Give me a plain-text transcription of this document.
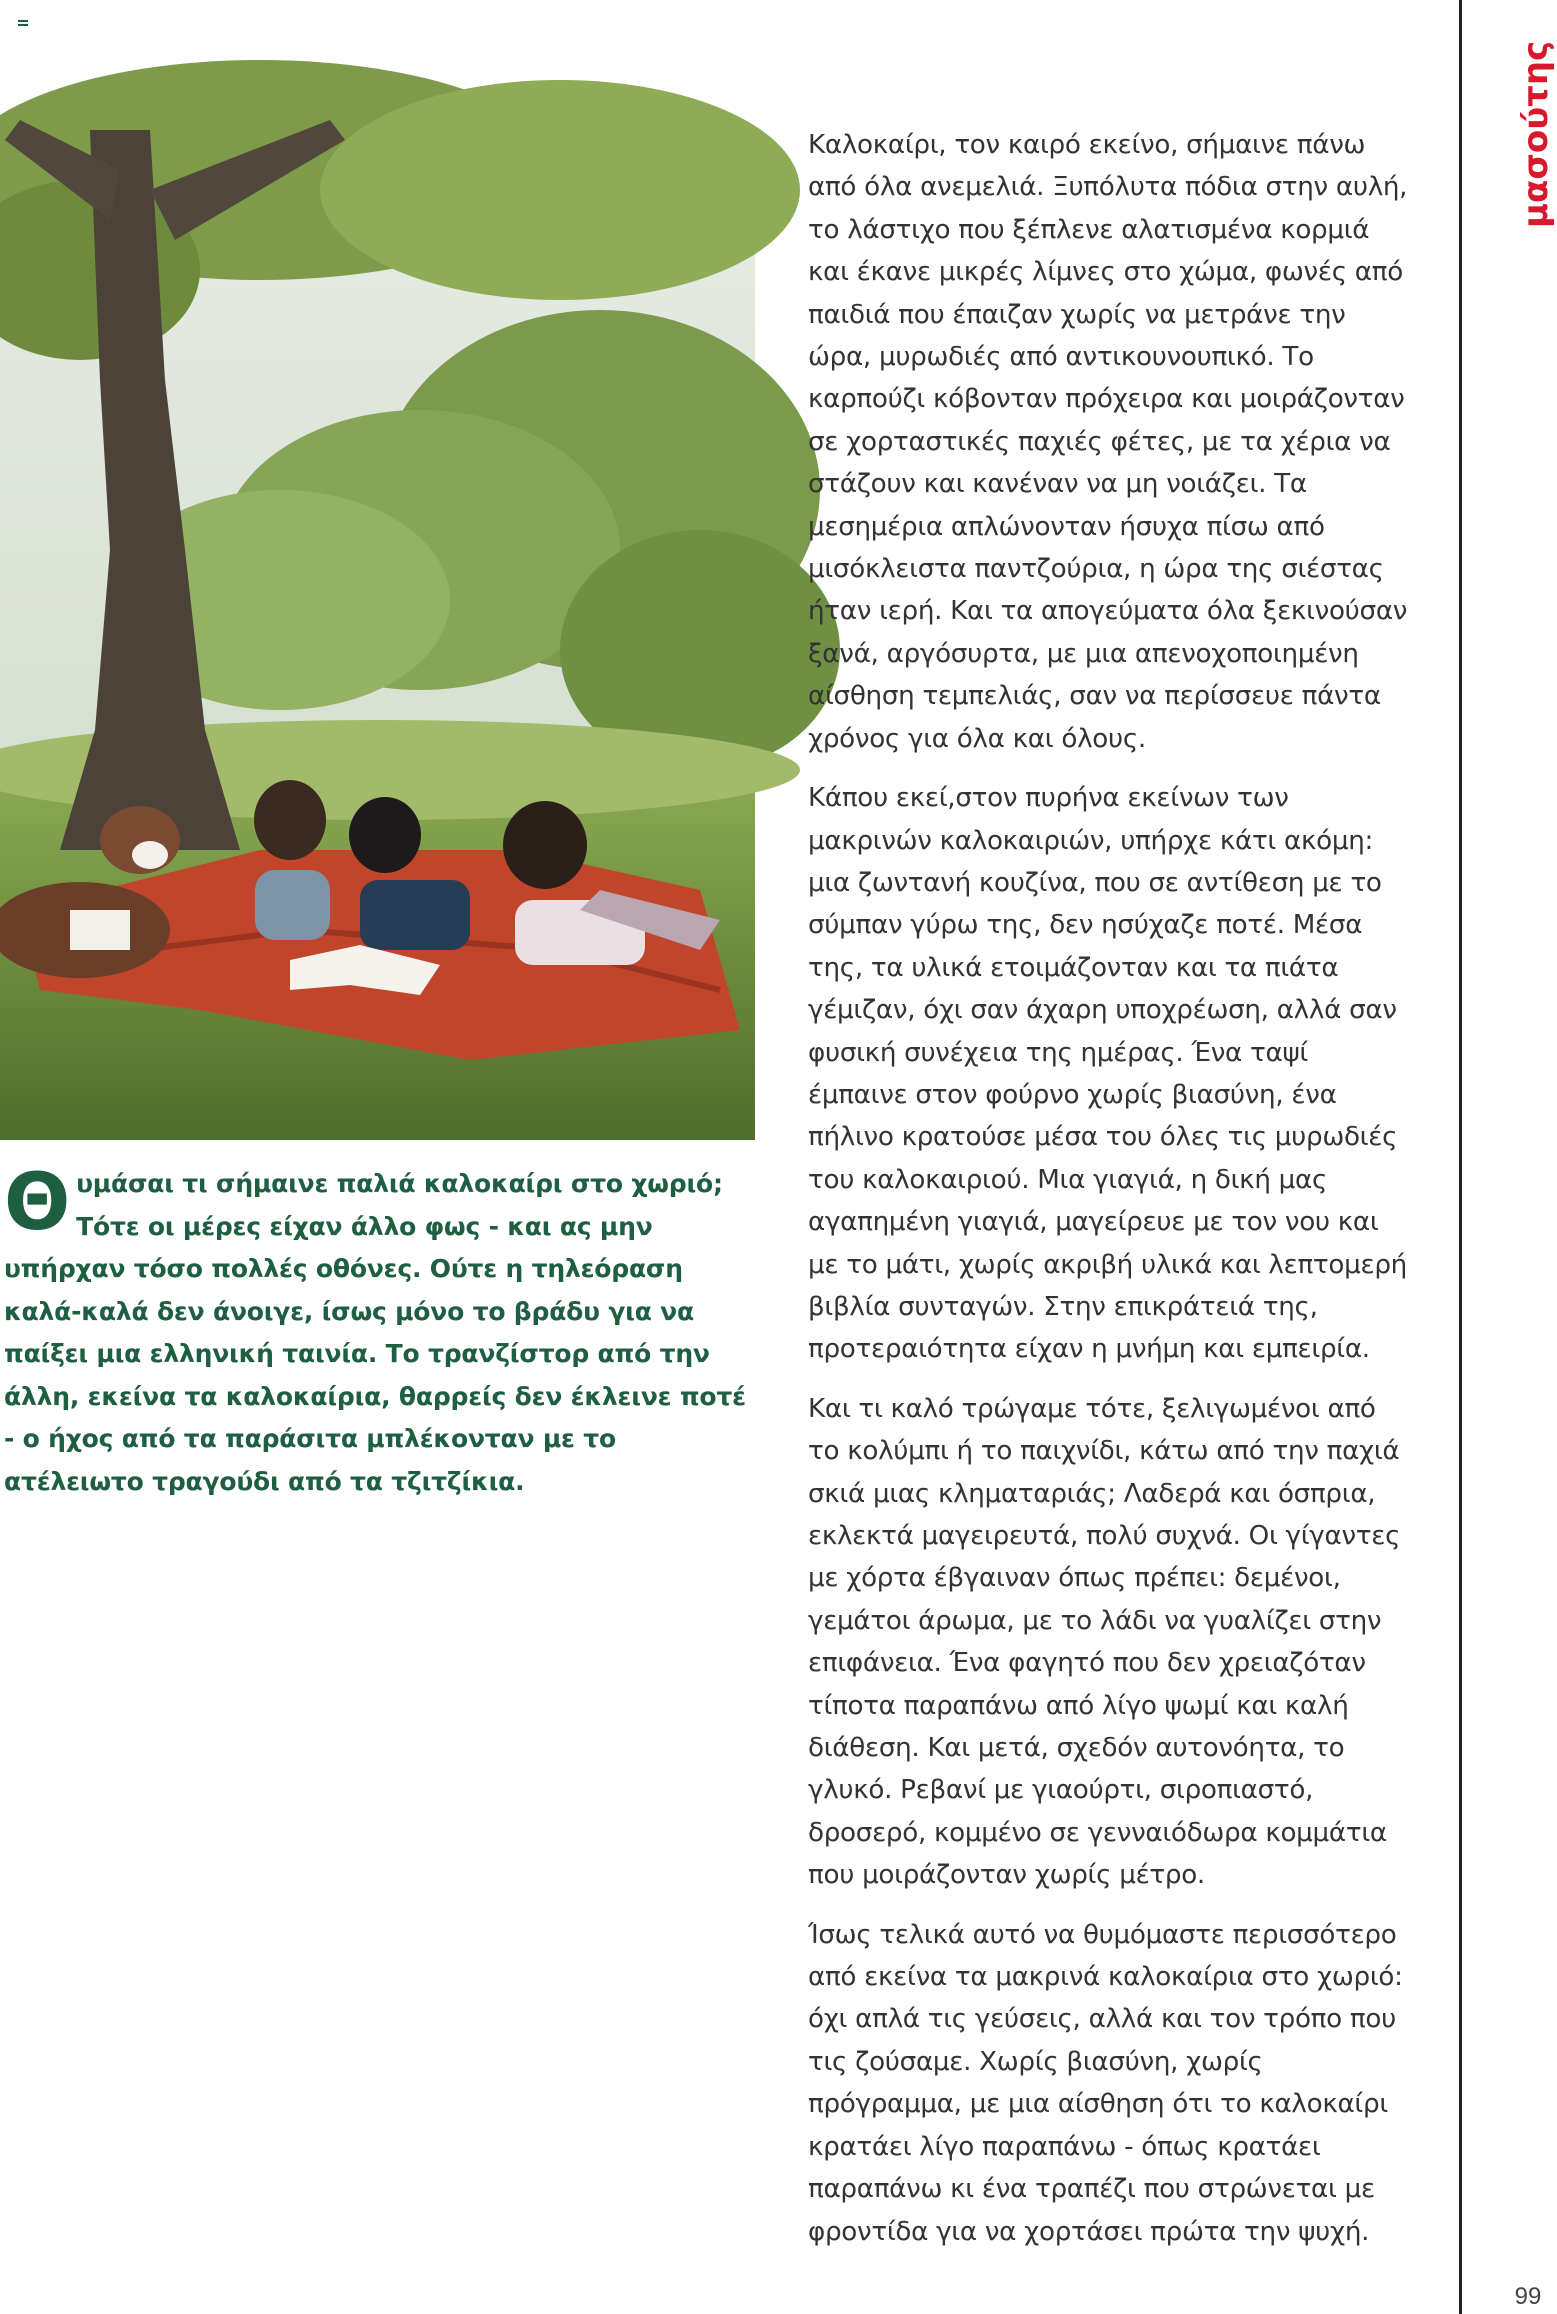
Θυμάσαι τι σήμαινε παλιά καλοκαίρι στο χωριό; Τότε οι μέρες είχαν άλλο φως - και ας μην υπήρχαν τόσο πολλές οθόνες. Ούτε η τηλεόραση καλά-καλά δεν άνοιγε, ίσως μόνο το βράδυ για να παίξει μια ελληνική ταινία. Το τρανζίστορ από την άλλη, εκείνα τα καλοκαίρια, θαρρείς δεν έκλεινε ποτέ - ο ήχος από τα παράσιτα μπλέκονταν με το ατέλειωτο τραγούδι από τα τζιτζίκια.

Καλοκαίρι, τον καιρό εκείνο, σήμαινε πάνω από όλα ανεμελιά. Ξυπόλυτα πόδια στην αυλή, το λάστιχο που ξέπλενε αλατισμένα κορμιά και έκανε μικρές λίμνες στο χώμα, φωνές από παιδιά που έπαιζαν χωρίς να μετράνε την ώρα, μυρωδιές από αντικουνουπικό. Το καρπούζι κόβονταν πρόχειρα και μοιράζονταν σε χορταστικές παχιές φέτες, με τα χέρια να στάζουν και κανέναν να μη νοιάζει. Τα μεσημέρια απλώνονταν ήσυχα πίσω από μισόκλειστα παντζούρια, η ώρα της σιέστας ήταν ιερή. Και τα απογεύματα όλα ξεκινούσαν ξανά, αργόσυρτα, με μια απενοχοποιημένη αίσθηση τεμπελιάς, σαν να περίσσευε πάντα χρόνος για όλα και όλους.

Κάπου εκεί,στον πυρήνα εκείνων των μακρινών καλοκαιριών, υπήρχε κάτι ακόμη: μια ζωντανή κουζίνα, που σε αντίθεση με το σύμπαν γύρω της, δεν ησύχαζε ποτέ. Μέσα της, τα υλικά ετοιμάζονταν και τα πιάτα γέμιζαν, όχι σαν άχαρη υποχρέωση, αλλά σαν φυσική συνέχεια της ημέρας. Ένα ταψί έμπαινε στον φούρνο χωρίς βιασύνη, ένα πήλινο κρατούσε μέσα του όλες τις μυρωδιές του καλοκαιριού. Μια γιαγιά, η δική μας αγαπημένη γιαγιά, μαγείρευε με τον νου και με το μάτι, χωρίς ακριβή υλικά και λεπτομερή βιβλία συνταγών. Στην επικράτειά της, προτεραιότητα είχαν η μνήμη και εμπειρία.

Και τι καλό τρώγαμε τότε, ξελιγωμένοι από το κολύμπι ή το παιχνίδι, κάτω από την παχιά σκιά μιας κληματαριάς; Λαδερά και όσπρια, εκλεκτά μαγειρευτά, πολύ συχνά. Οι γίγαντες με χόρτα έβγαιναν όπως πρέπει: δεμένοι, γεμάτοι άρωμα, με το λάδι να γυαλίζει στην επιφάνεια. Ένα φαγητό που δεν χρειαζόταν τίποτα παραπάνω από λίγο ψωμί και καλή διάθεση. Και μετά, σχεδόν αυτονόητα, το γλυκό. Ρεβανί με γιαούρτι, σιροπιαστό, δροσερό, κομμένο σε γενναιόδωρα κομμάτια που μοιράζονταν χωρίς μέτρο.

Ίσως τελικά αυτό να θυμόμαστε περισσότερο από εκείνα τα μακρινά καλοκαίρια στο χωριό: όχι απλά τις γεύσεις, αλλά και τον τρόπο που τις ζούσαμε. Χωρίς βιασύνη, χωρίς πρόγραμμα, με μια αίσθηση ότι το καλοκαίρι κρατάει λίγο παραπάνω - όπως κρατάει παραπάνω κι ένα τραπέζι που στρώνεται με φροντίδα για να χορτάσει πρώτα την ψυχή.

μασούτης
99
